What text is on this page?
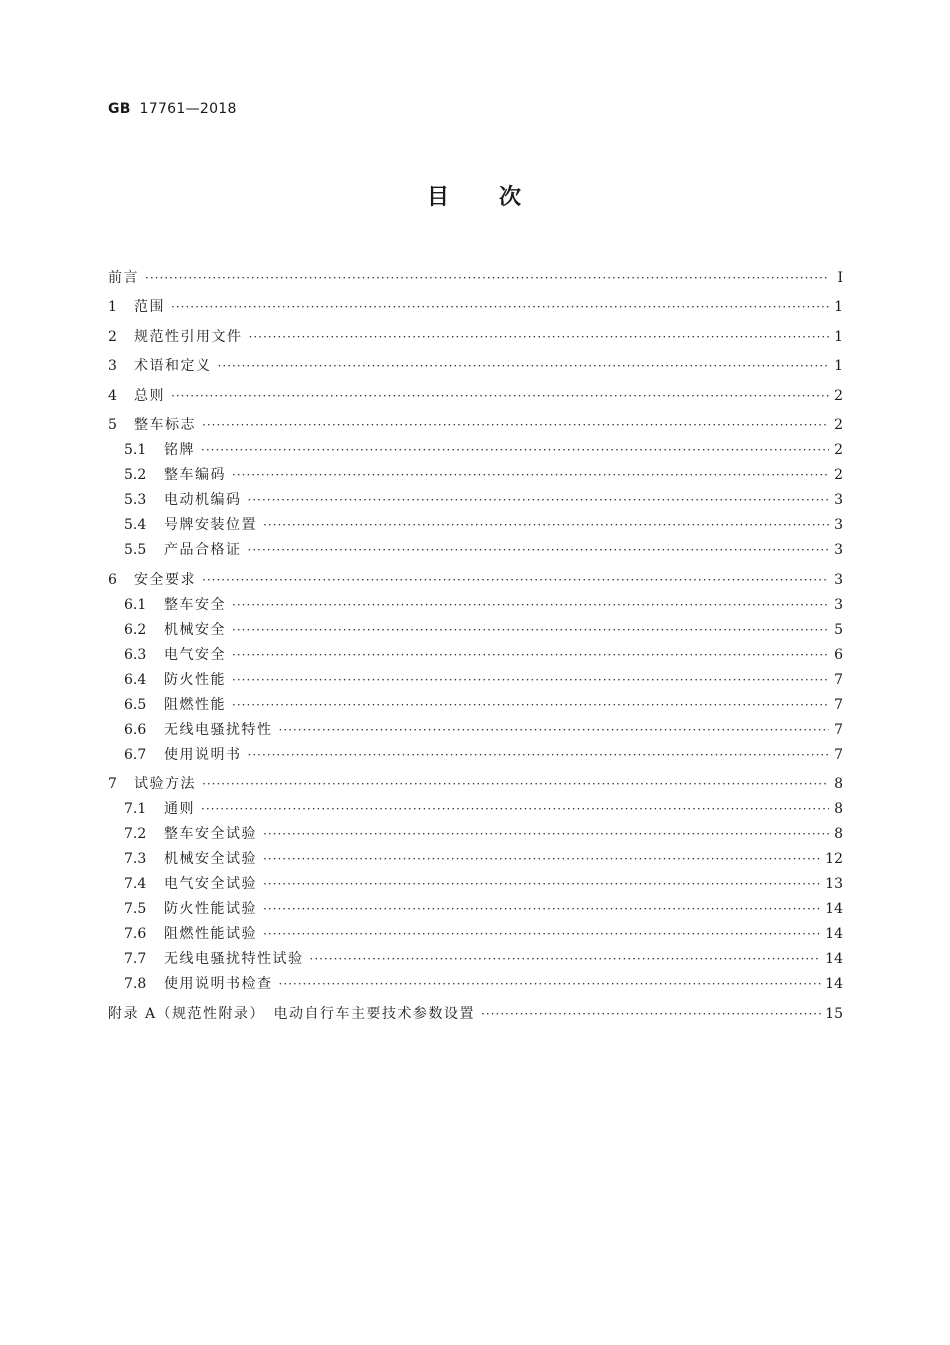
GB 17761—2018
目　　次
前言 ·····	Ⅰ
1	范围 ·····	1
2	规范性引用文件 ·····	1
3	术语和定义 ·····	1
4	总则 ·····	2
5	整车标志 ·····	2
5.1	铭牌 ·····	2
5.2	整车编码 ·····	2
5.3	电动机编码 ·····	3
5.4	号牌安装位置 ·····	3
5.5	产品合格证 ·····	3
6	安全要求 ·····	3
6.1	整车安全 ·····	3
6.2	机械安全 ·····	5
6.3	电气安全 ·····	6
6.4	防火性能 ·····	7
6.5	阻燃性能 ·····	7
6.6	无线电骚扰特性 ·····	7
6.7	使用说明书 ·····	7
7	试验方法 ·····	8
7.1	通则 ·····	8
7.2	整车安全试验 ·····	8
7.3	机械安全试验 ·····	12
7.4	电气安全试验 ·····	13
7.5	防火性能试验 ·····	14
7.6	阻燃性能试验 ·····	14
7.7	无线电骚扰特性试验 ·····	14
7.8	使用说明书检查 ·····	14
附录 A（规范性附录）　电动自行车主要技术参数设置 ·····	15
